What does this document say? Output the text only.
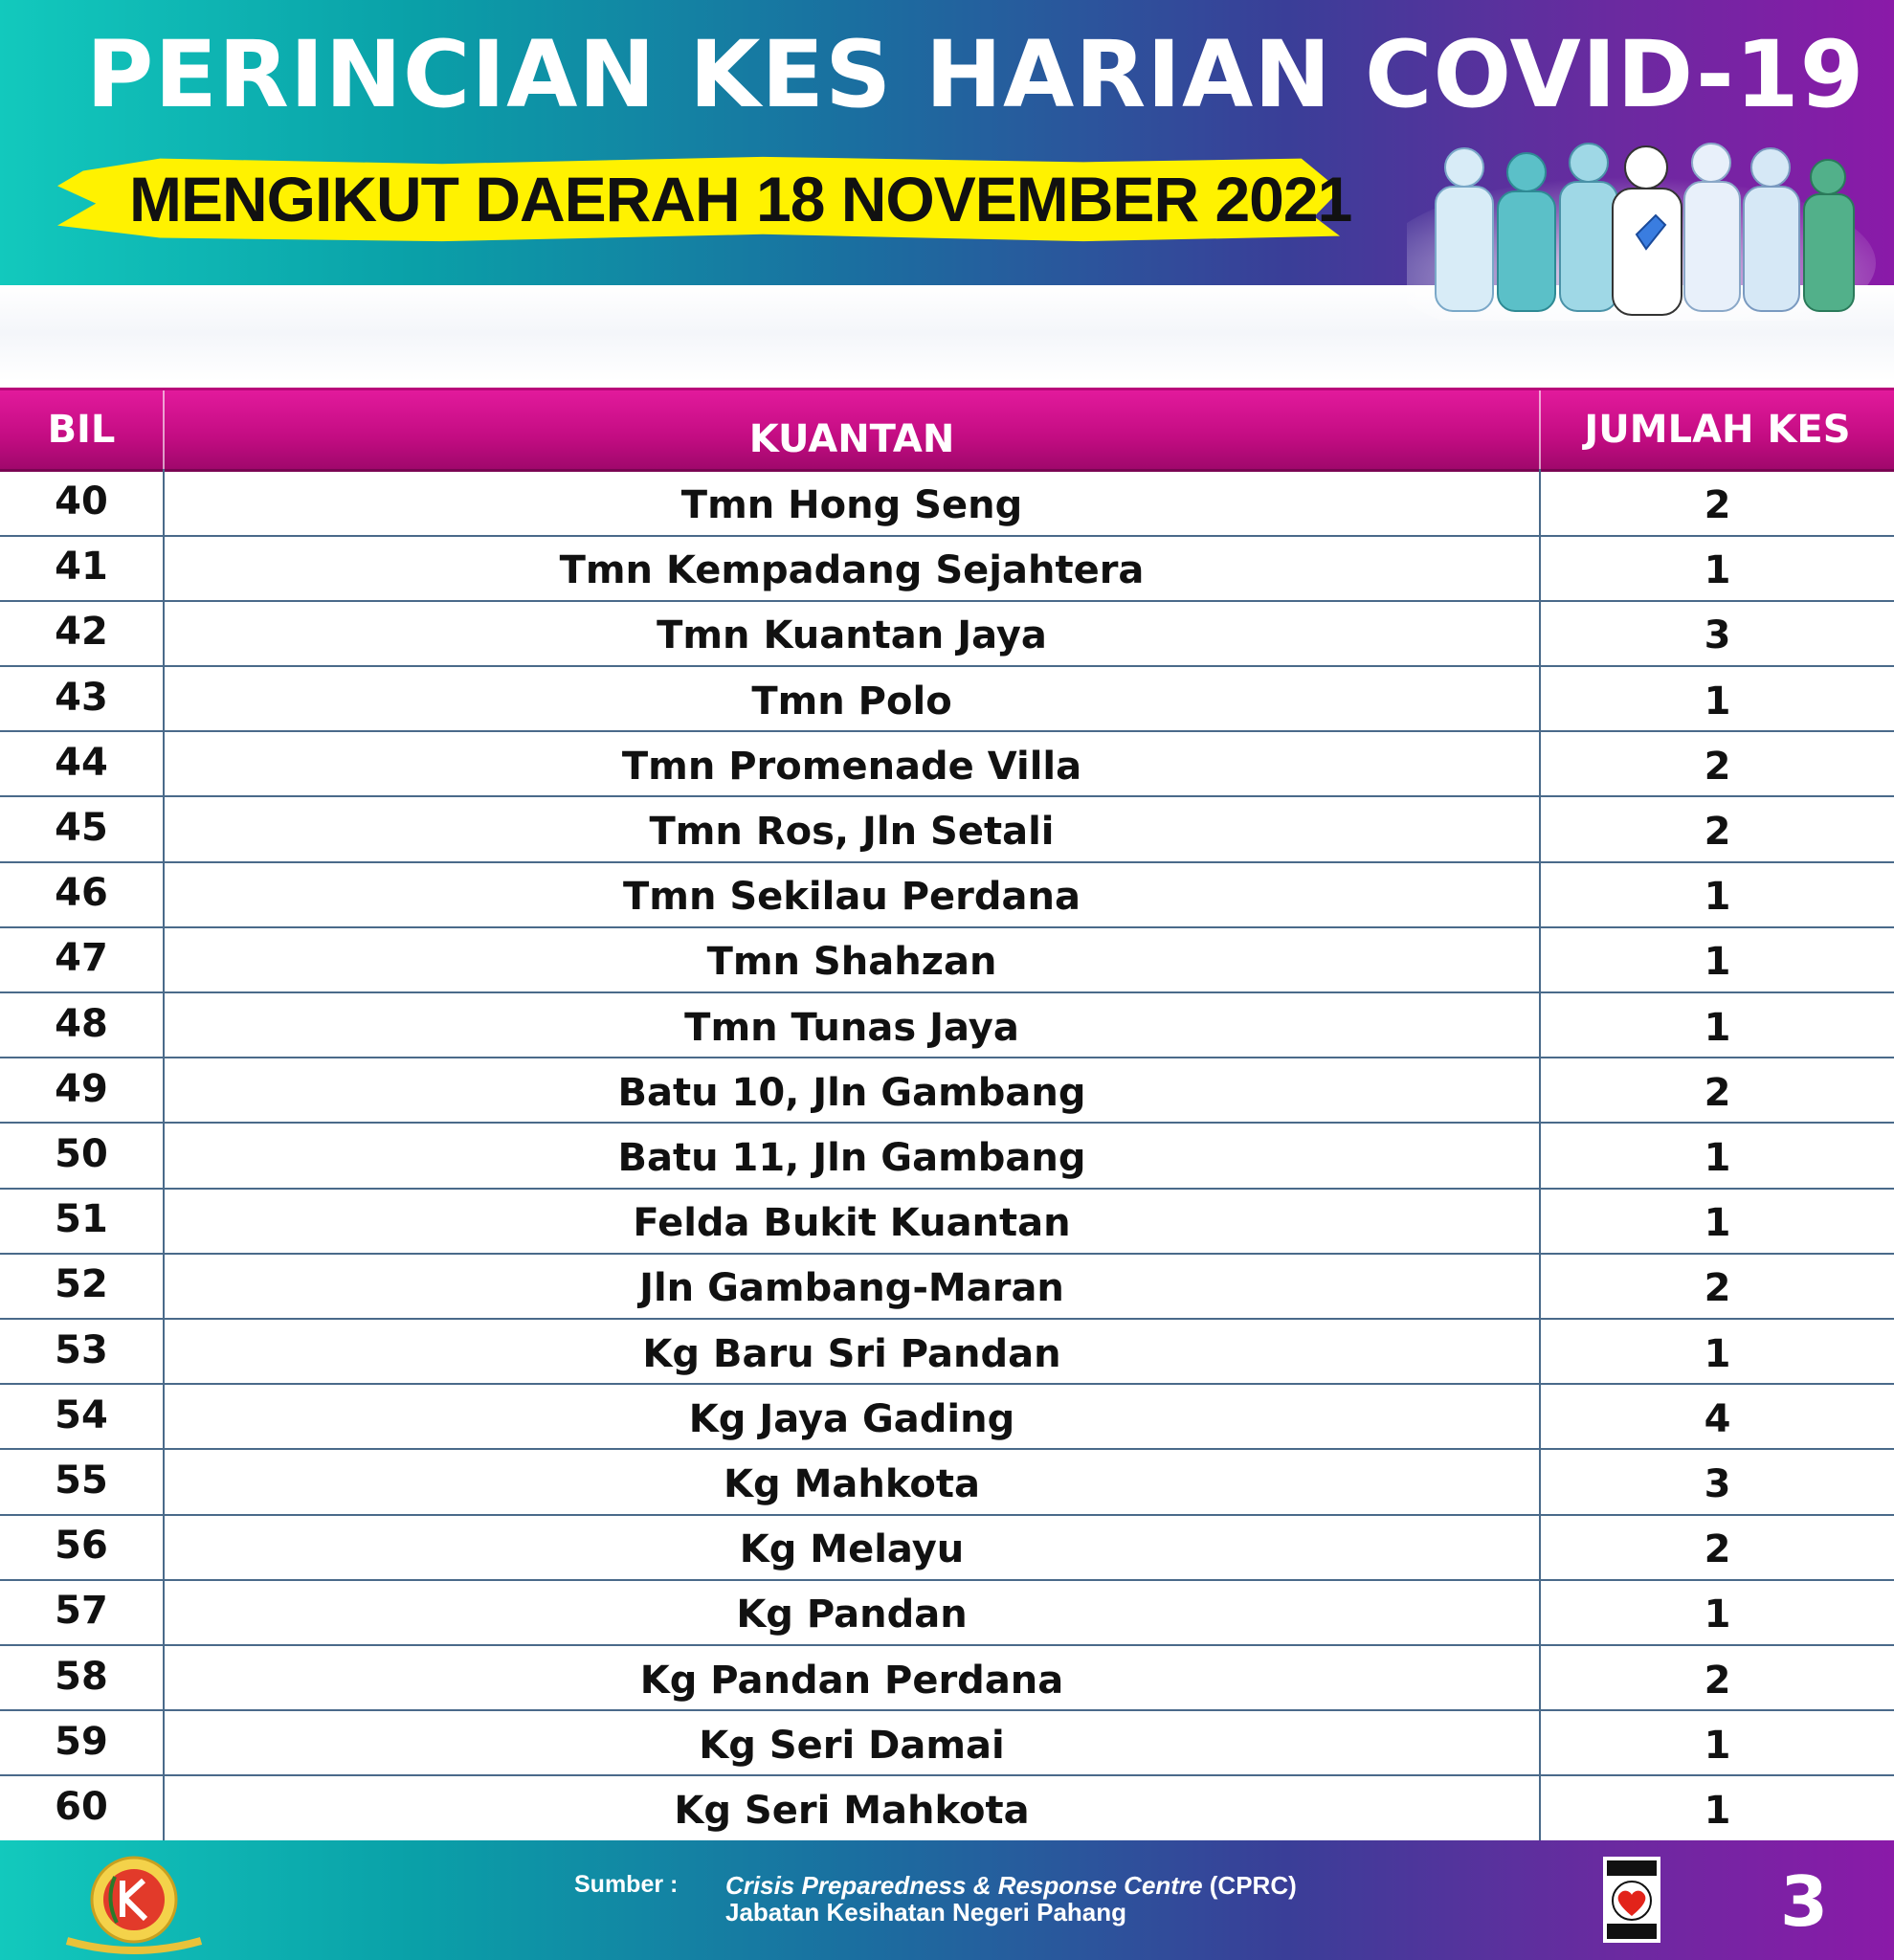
PERINCIAN KES HARIAN COVID-19
MENGIKUT DAERAH 18 NOVEMBER 2021
BIL	KUANTAN	JUMLAH KES
40	Tmn Hong Seng	2
41	Tmn Kempadang Sejahtera	1
42	Tmn Kuantan Jaya	3
43	Tmn Polo	1
44	Tmn Promenade Villa	2
45	Tmn Ros, Jln Setali	2
46	Tmn Sekilau Perdana	1
47	Tmn Shahzan	1
48	Tmn Tunas Jaya	1
49	Batu 10, Jln Gambang	2
50	Batu 11, Jln Gambang	1
51	Felda Bukit Kuantan	1
52	Jln Gambang-Maran	2
53	Kg Baru Sri Pandan	1
54	Kg Jaya Gading	4
55	Kg Mahkota	3
56	Kg Melayu	2
57	Kg Pandan	1
58	Kg Pandan Perdana	2
59	Kg Seri Damai	1
60	Kg Seri Mahkota	1
Sumber : Crisis Preparedness & Response Centre (CPRC)
Jabatan Kesihatan Negeri Pahang	3
